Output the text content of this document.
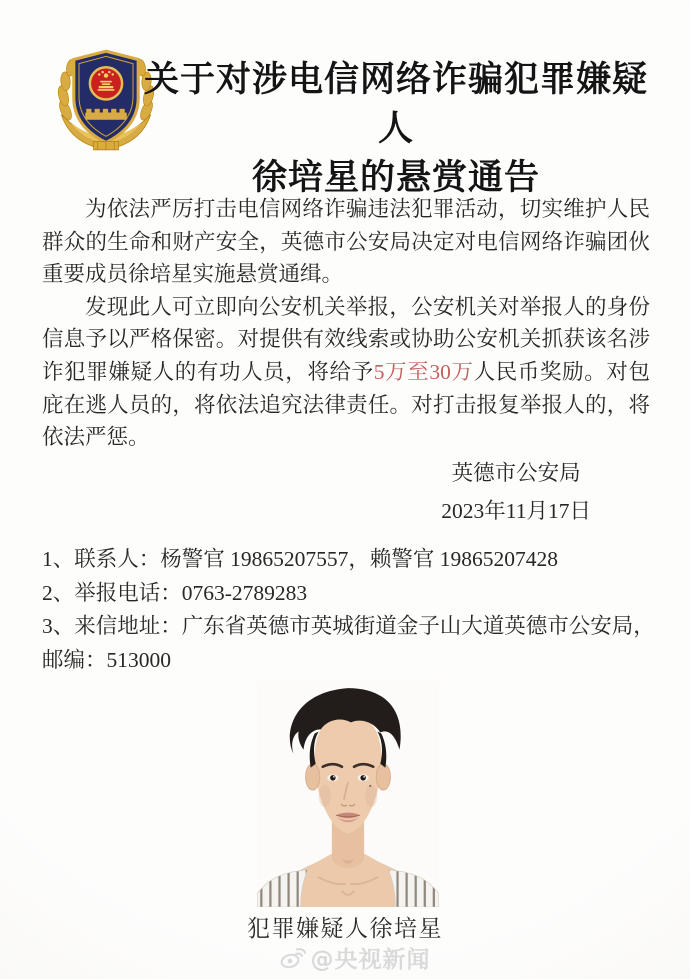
关于对涉电信网络诈骗犯罪嫌疑人
徐培星的悬赏通告

为依法严厉打击电信网络诈骗违法犯罪活动，切实维护人民群众的生命和财产安全，英德市公安局决定对电信网络诈骗团伙重要成员徐培星实施悬赏通缉。

发现此人可立即向公安机关举报，公安机关对举报人的身份信息予以严格保密。对提供有效线索或协助公安机关抓获该名涉诈犯罪嫌疑人的有功人员，将给予5万至30万人民币奖励。对包庇在逃人员的，将依法追究法律责任。对打击报复举报人的，将依法严惩。

英德市公安局
2023年11月17日
1、联系人：杨警官 19865207557，赖警官 19865207428
2、举报电话：0763-2789283
3、来信地址：广东省英德市英城街道金子山大道英德市公安局，邮编：513000
犯罪嫌疑人徐培星
@央视新闻
